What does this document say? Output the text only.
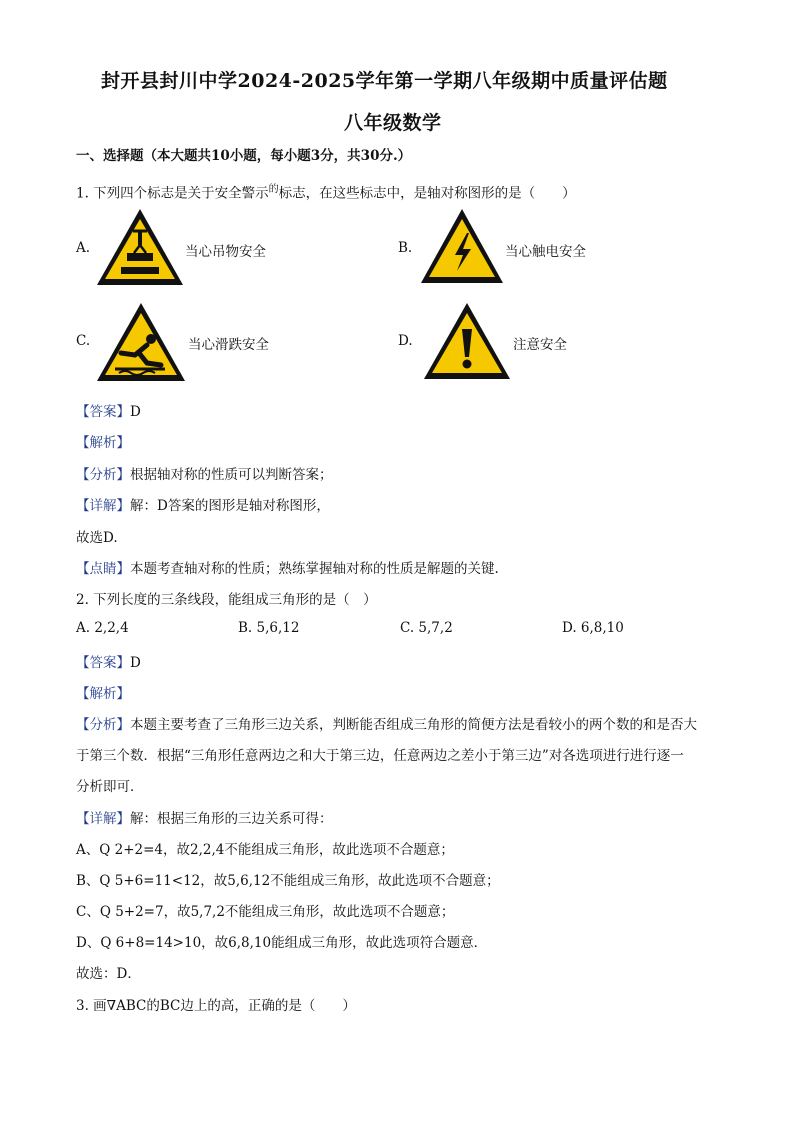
封开县封川中学2024-2025学年第一学期八年级期中质量评估题
八年级数学
一、选择题（本大题共10小题，每小题3分，共30分.）
1. 下列四个标志是关于安全警示$^的$标志，在这些标志中，是轴对称图形的是（　　）
A.	当心吊物安全	B.	当心触电安全
C.	当心滑跌安全	D.	注意安全
【答案】D
【解析】
【分析】根据轴对称的性质可以判断答案；
【详解】解：D答案的图形是轴对称图形，
故选D.
【点睛】本题考查轴对称的性质；熟练掌握轴对称的性质是解题的关键.
2. 下列长度的三条线段，能组成三角形的是（　）
A. 2,2,4	B. 5,6,12	C. 5,7,2	D. 6,8,10
【答案】D
【解析】
【分析】本题主要考查了三角形三边关系，判断能否组成三角形的简便方法是看较小的两个数的和是否大
于第三个数．根据“三角形任意两边之和大于第三边，任意两边之差小于第三边”对各选项进行进行逐一
分析即可．
【详解】解：根据三角形的三边关系可得：
A、Q 2+2=4，故2,2,4不能组成三角形，故此选项不合题意；
B、Q 5+6=11<12，故5,6,12不能组成三角形，故此选项不合题意；
C、Q 5+2=7，故5,7,2不能组成三角形，故此选项不合题意；
D、Q 6+8=14>10，故6,8,10能组成三角形，故此选项符合题意．
故选：D．
3. 画∇ABC的BC边上的高，正确的是（　　）
